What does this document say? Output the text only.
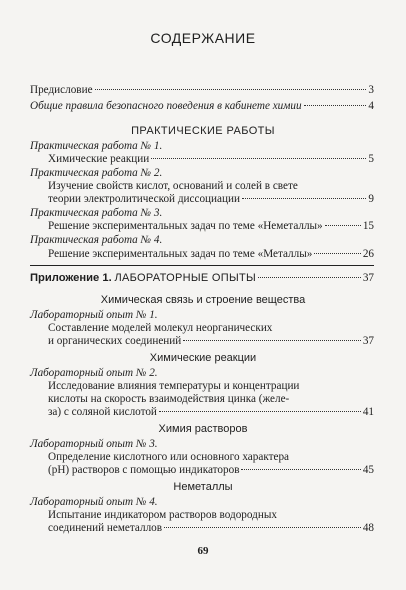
СОДЕРЖАНИЕ
Предисловие	3
Общие правила безопасного поведения в кабинете химии	4
ПРАКТИЧЕСКИЕ РАБОТЫ
Практическая работа № 1.
Химические реакции	5
Практическая работа № 2.
Изучение свойств кислот, оснований и солей в свете
теории электролитической диссоциации	9
Практическая работа № 3.
Решение экспериментальных задач по теме «Неметаллы»	15
Практическая работа № 4.
Решение экспериментальных задач по теме «Металлы»	26
Приложение 1. ЛАБОРАТОРНЫЕ ОПЫТЫ	37
Химическая связь и строение вещества
Лабораторный опыт № 1.
Составление моделей молекул неорганических
и органических соединений	37
Химические реакции
Лабораторный опыт № 2.
Исследование влияния температуры и концентрации
кислоты на скорость взаимодействия цинка (желе-
за) с соляной кислотой	41
Химия растворов
Лабораторный опыт № 3.
Определение кислотного или основного характера
(pH) растворов с помощью индикаторов	45
Неметаллы
Лабораторный опыт № 4.
Испытание индикатором растворов водородных
соединений неметаллов	48
69
